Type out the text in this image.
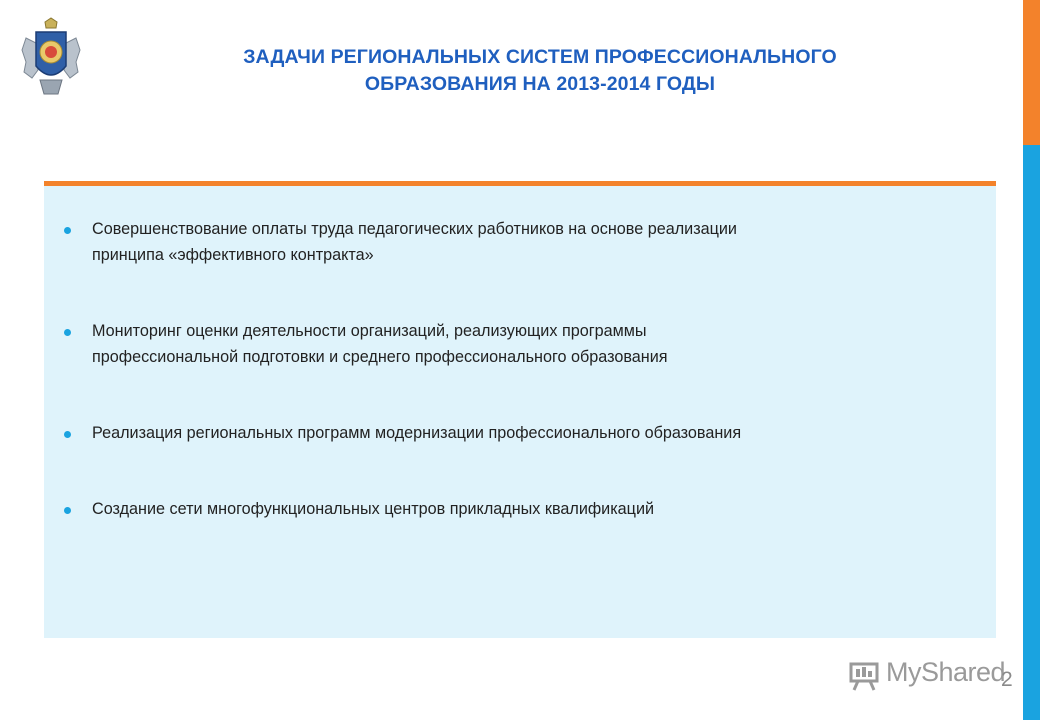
ЗАДАЧИ РЕГИОНАЛЬНЫХ СИСТЕМ ПРОФЕССИОНАЛЬНОГО
ОБРАЗОВАНИЯ НА 2013-2014 ГОДЫ
Совершенствование оплаты труда педагогических работников на основе реализации
принципа «эффективного контракта»
Мониторинг оценки деятельности организаций, реализующих программы
профессиональной подготовки и среднего профессионального образования
Реализация региональных программ модернизации профессионального образования
Создание сети многофункциональных центров прикладных квалификаций
MyShared
2
